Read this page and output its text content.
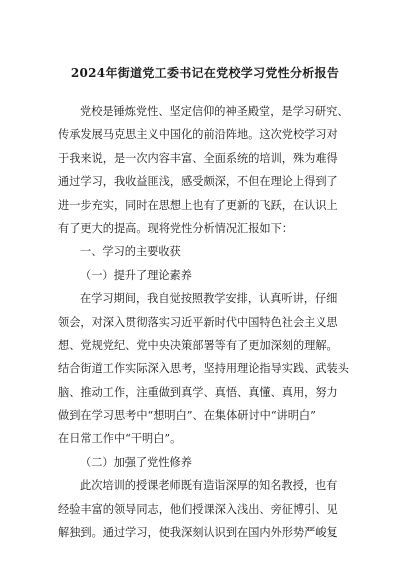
2024年街道党工委书记在党校学习党性分析报告
党校是锤炼党性、坚定信仰的神圣殿堂，是学习研究、
传承发展马克思主义中国化的前沿阵地。这次党校学习对
于我来说，是一次内容丰富、全面系统的培训，殊为难得
通过学习，我收益匪浅，感受颇深，不但在理论上得到了
进一步充实，同时在思想上也有了更新的飞跃，在认识上
有了更大的提高。现将党性分析情况汇报如下：
一、学习的主要收获
（一）提升了理论素养
在学习期间，我自觉按照教学安排，认真听讲，仔细
领会，对深入贯彻落实习近平新时代中国特色社会主义思
想、党规党纪、党中央决策部署等有了更加深刻的理解。
结合街道工作实际深入思考，坚持用理论指导实践、武装头
脑、推动工作，注重做到真学、真悟、真懂、真用，努力
做到在学习思考中“想明白”、在集体研讨中“讲明白”
在日常工作中“干明白”。
（二）加强了党性修养
此次培训的授课老师既有造诣深厚的知名教授，也有
经验丰富的领导同志，他们授课深入浅出、旁征博引、见
解独到。通过学习，使我深刻认识到在国内外形势严峻复
